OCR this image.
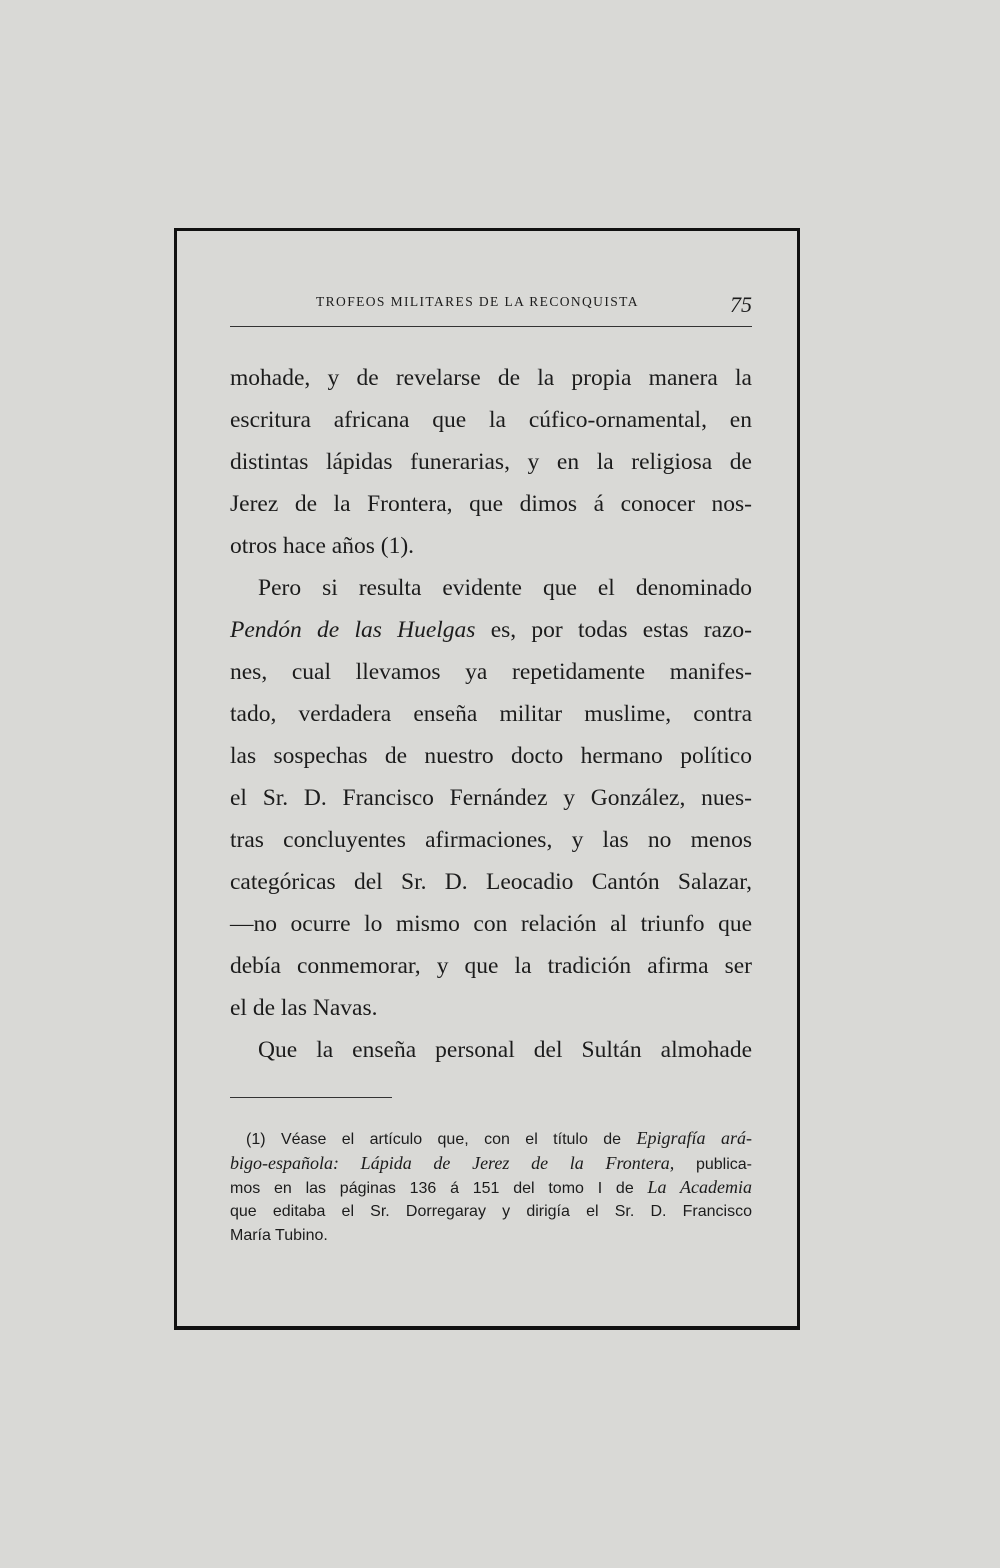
TROFEOS MILITARES DE LA RECONQUISTA	75
mohade, y de revelarse de la propia manera la
escritura africana que la cúfico-ornamental, en
distintas lápidas funerarias, y en la religiosa de
Jerez de la Frontera, que dimos á conocer nos-
otros hace años (1).
Pero si resulta evidente que el denominado
Pendón de las Huelgas es, por todas estas razo-
nes, cual llevamos ya repetidamente manifes-
tado, verdadera enseña militar muslime, contra
las sospechas de nuestro docto hermano político
el Sr. D. Francisco Fernández y González, nues-
tras concluyentes afirmaciones, y las no menos
categóricas del Sr. D. Leocadio Cantón Salazar,
—no ocurre lo mismo con relación al triunfo que
debía conmemorar, y que la tradición afirma ser
el de las Navas.
Que la enseña personal del Sultán almohade
(1) Véase el artículo que, con el título de Epigrafía ará-
bigo-española: Lápida de Jerez de la Frontera, publica-
mos en las páginas 136 á 151 del tomo I de La Academia
que editaba el Sr. Dorregaray y dirigía el Sr. D. Francisco
María Tubino.
